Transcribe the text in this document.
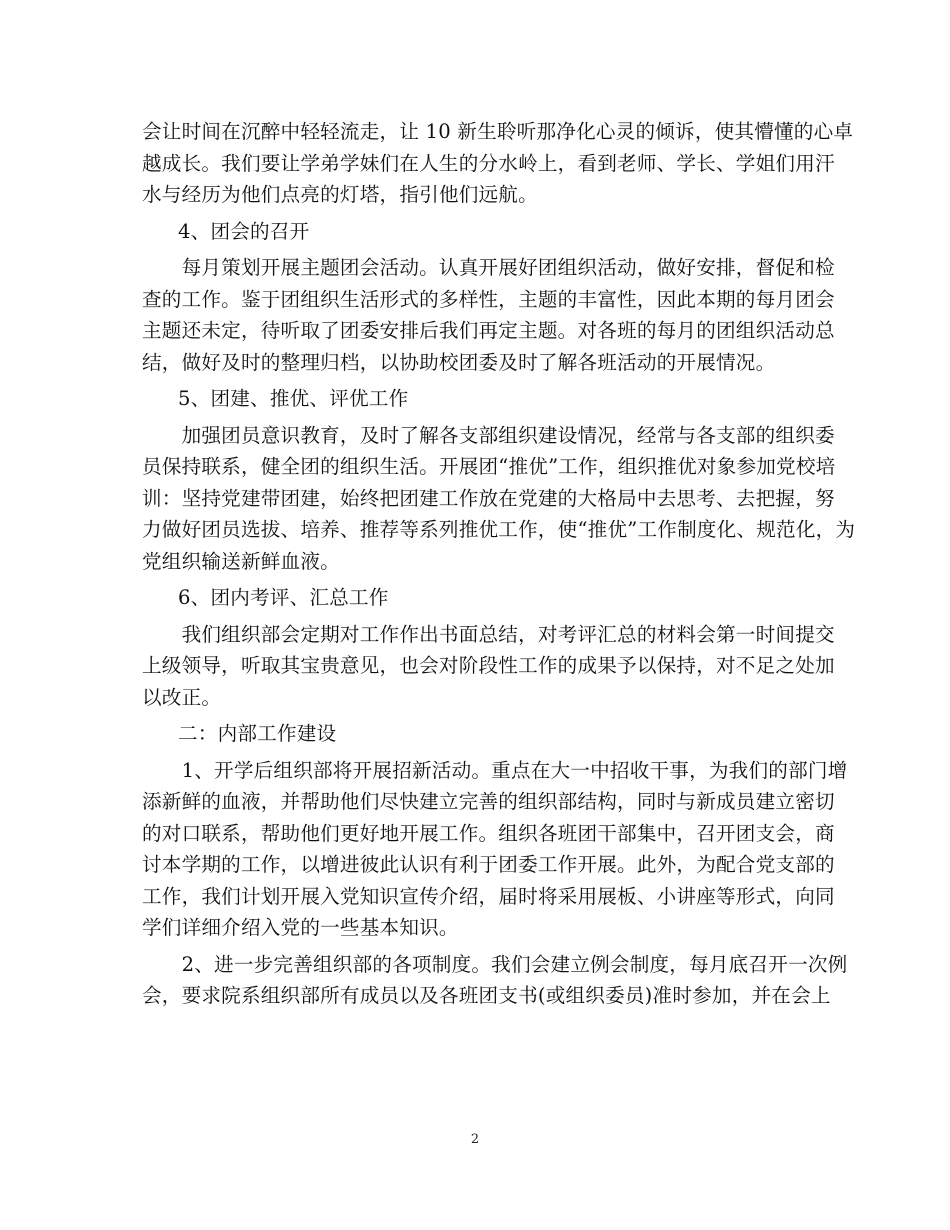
会让时间在沉醉中轻轻流走，让 10 新生聆听那净化心灵的倾诉，使其懵懂的心卓
越成长。我们要让学弟学妹们在人生的分水岭上，看到老师、学长、学姐们用汗
水与经历为他们点亮的灯塔，指引他们远航。

4、团会的召开

　　每月策划开展主题团会活动。认真开展好团组织活动，做好安排，督促和检
查的工作。鉴于团组织生活形式的多样性，主题的丰富性，因此本期的每月团会
主题还未定，待听取了团委安排后我们再定主题。对各班的每月的团组织活动总
结，做好及时的整理归档，以协助校团委及时了解各班活动的开展情况。

5、团建、推优、评优工作

　　加强团员意识教育，及时了解各支部组织建设情况，经常与各支部的组织委
员保持联系，健全团的组织生活。开展团“推优”工作，组织推优对象参加党校培
训：坚持党建带团建，始终把团建工作放在党建的大格局中去思考、去把握，努
力做好团员选拔、培养、推荐等系列推优工作，使“推优”工作制度化、规范化，为
党组织输送新鲜血液。

6、团内考评、汇总工作

　　我们组织部会定期对工作作出书面总结，对考评汇总的材料会第一时间提交
上级领导，听取其宝贵意见，也会对阶段性工作的成果予以保持，对不足之处加
以改正。

二：内部工作建设

　　1、开学后组织部将开展招新活动。重点在大一中招收干事，为我们的部门增
添新鲜的血液，并帮助他们尽快建立完善的组织部结构，同时与新成员建立密切
的对口联系，帮助他们更好地开展工作。组织各班团干部集中，召开团支会，商
讨本学期的工作，以增进彼此认识有利于团委工作开展。此外，为配合党支部的
工作，我们计划开展入党知识宣传介绍，届时将采用展板、小讲座等形式，向同
学们详细介绍入党的一些基本知识。

　　2、进一步完善组织部的各项制度。我们会建立例会制度，每月底召开一次例
会，要求院系组织部所有成员以及各班团支书(或组织委员)准时参加，并在会上

2
